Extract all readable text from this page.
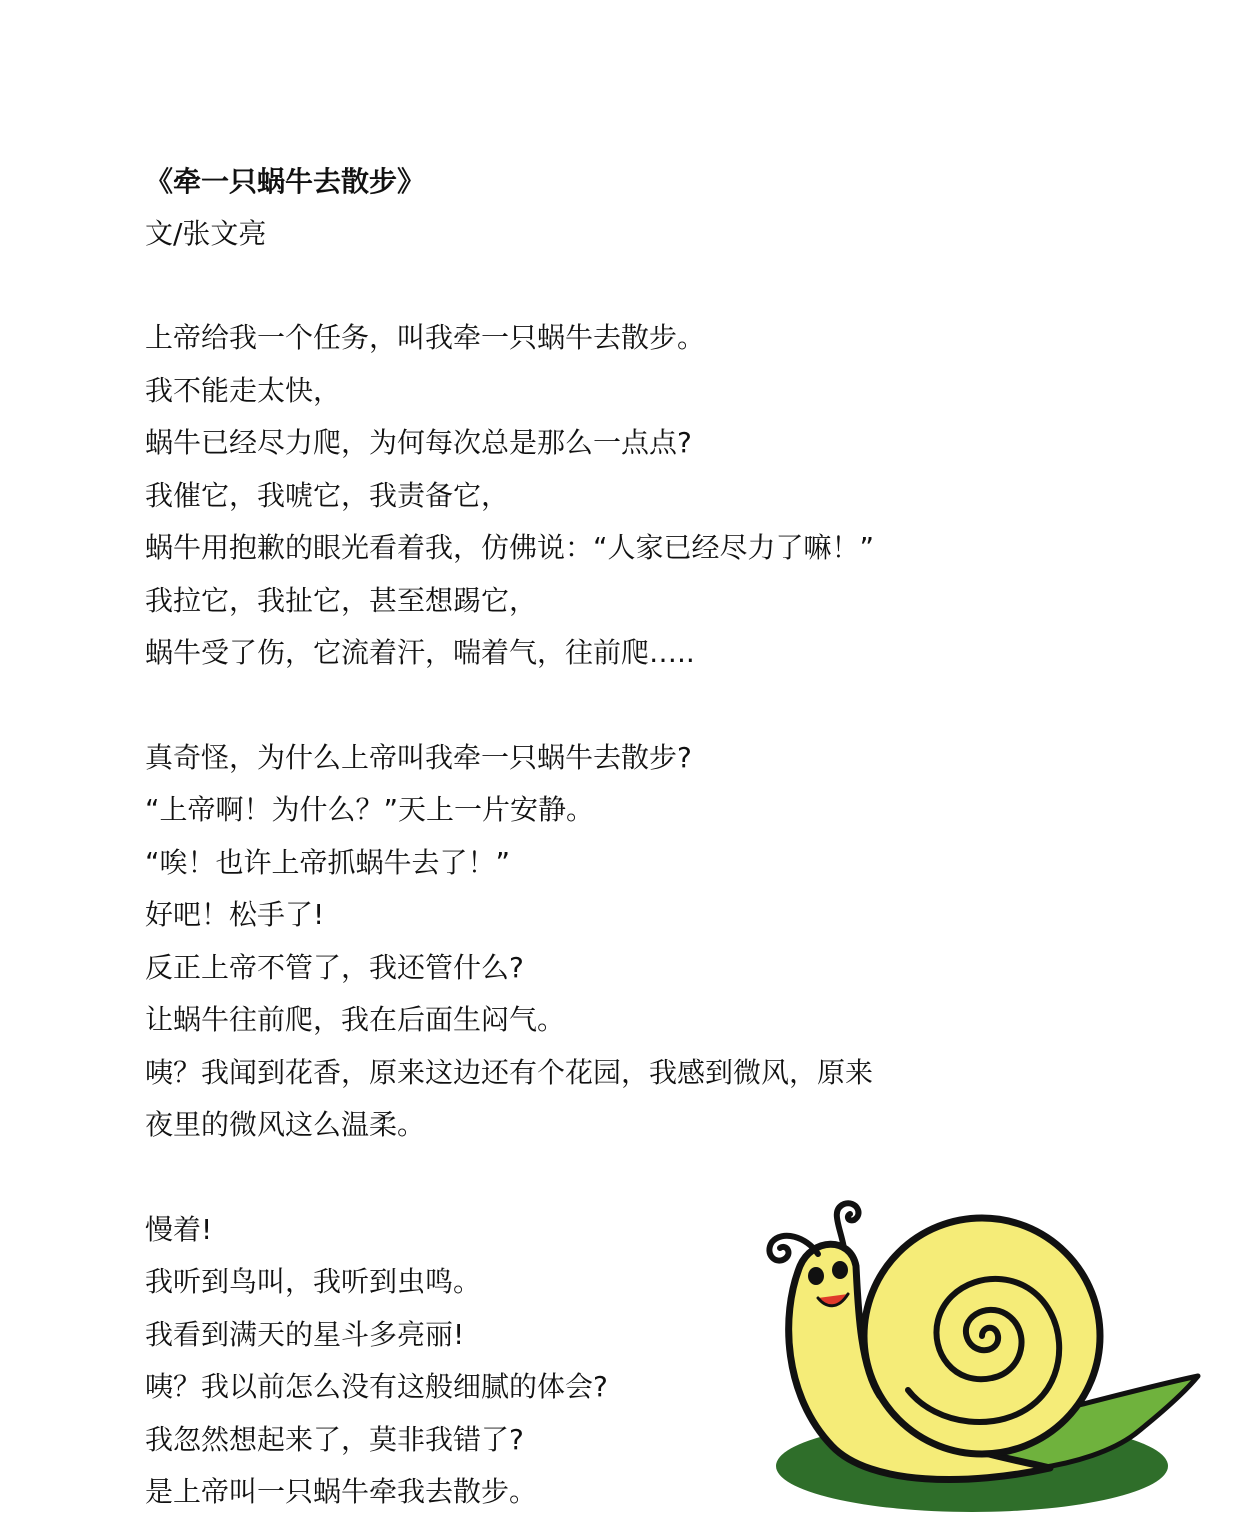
《牵一只蜗牛去散步》

文/张文亮

上帝给我一个任务，叫我牵一只蜗牛去散步。

我不能走太快，

蜗牛已经尽力爬，为何每次总是那么一点点?

我催它，我唬它，我责备它，

蜗牛用抱歉的眼光看着我，仿佛说：“人家已经尽力了嘛！”

我拉它，我扯它，甚至想踢它，

蜗牛受了伤，它流着汗，喘着气，往前爬…..

真奇怪，为什么上帝叫我牵一只蜗牛去散步?

“上帝啊！为什么？”天上一片安静。

“唉！也许上帝抓蜗牛去了！”

好吧！松手了!

反正上帝不管了，我还管什么?

让蜗牛往前爬，我在后面生闷气。

咦？我闻到花香，原来这边还有个花园，我感到微风，原来

夜里的微风这么温柔。

慢着!

我听到鸟叫，我听到虫鸣。

我看到满天的星斗多亮丽!

咦？我以前怎么没有这般细腻的体会?

我忽然想起来了，莫非我错了?

是上帝叫一只蜗牛牵我去散步。
